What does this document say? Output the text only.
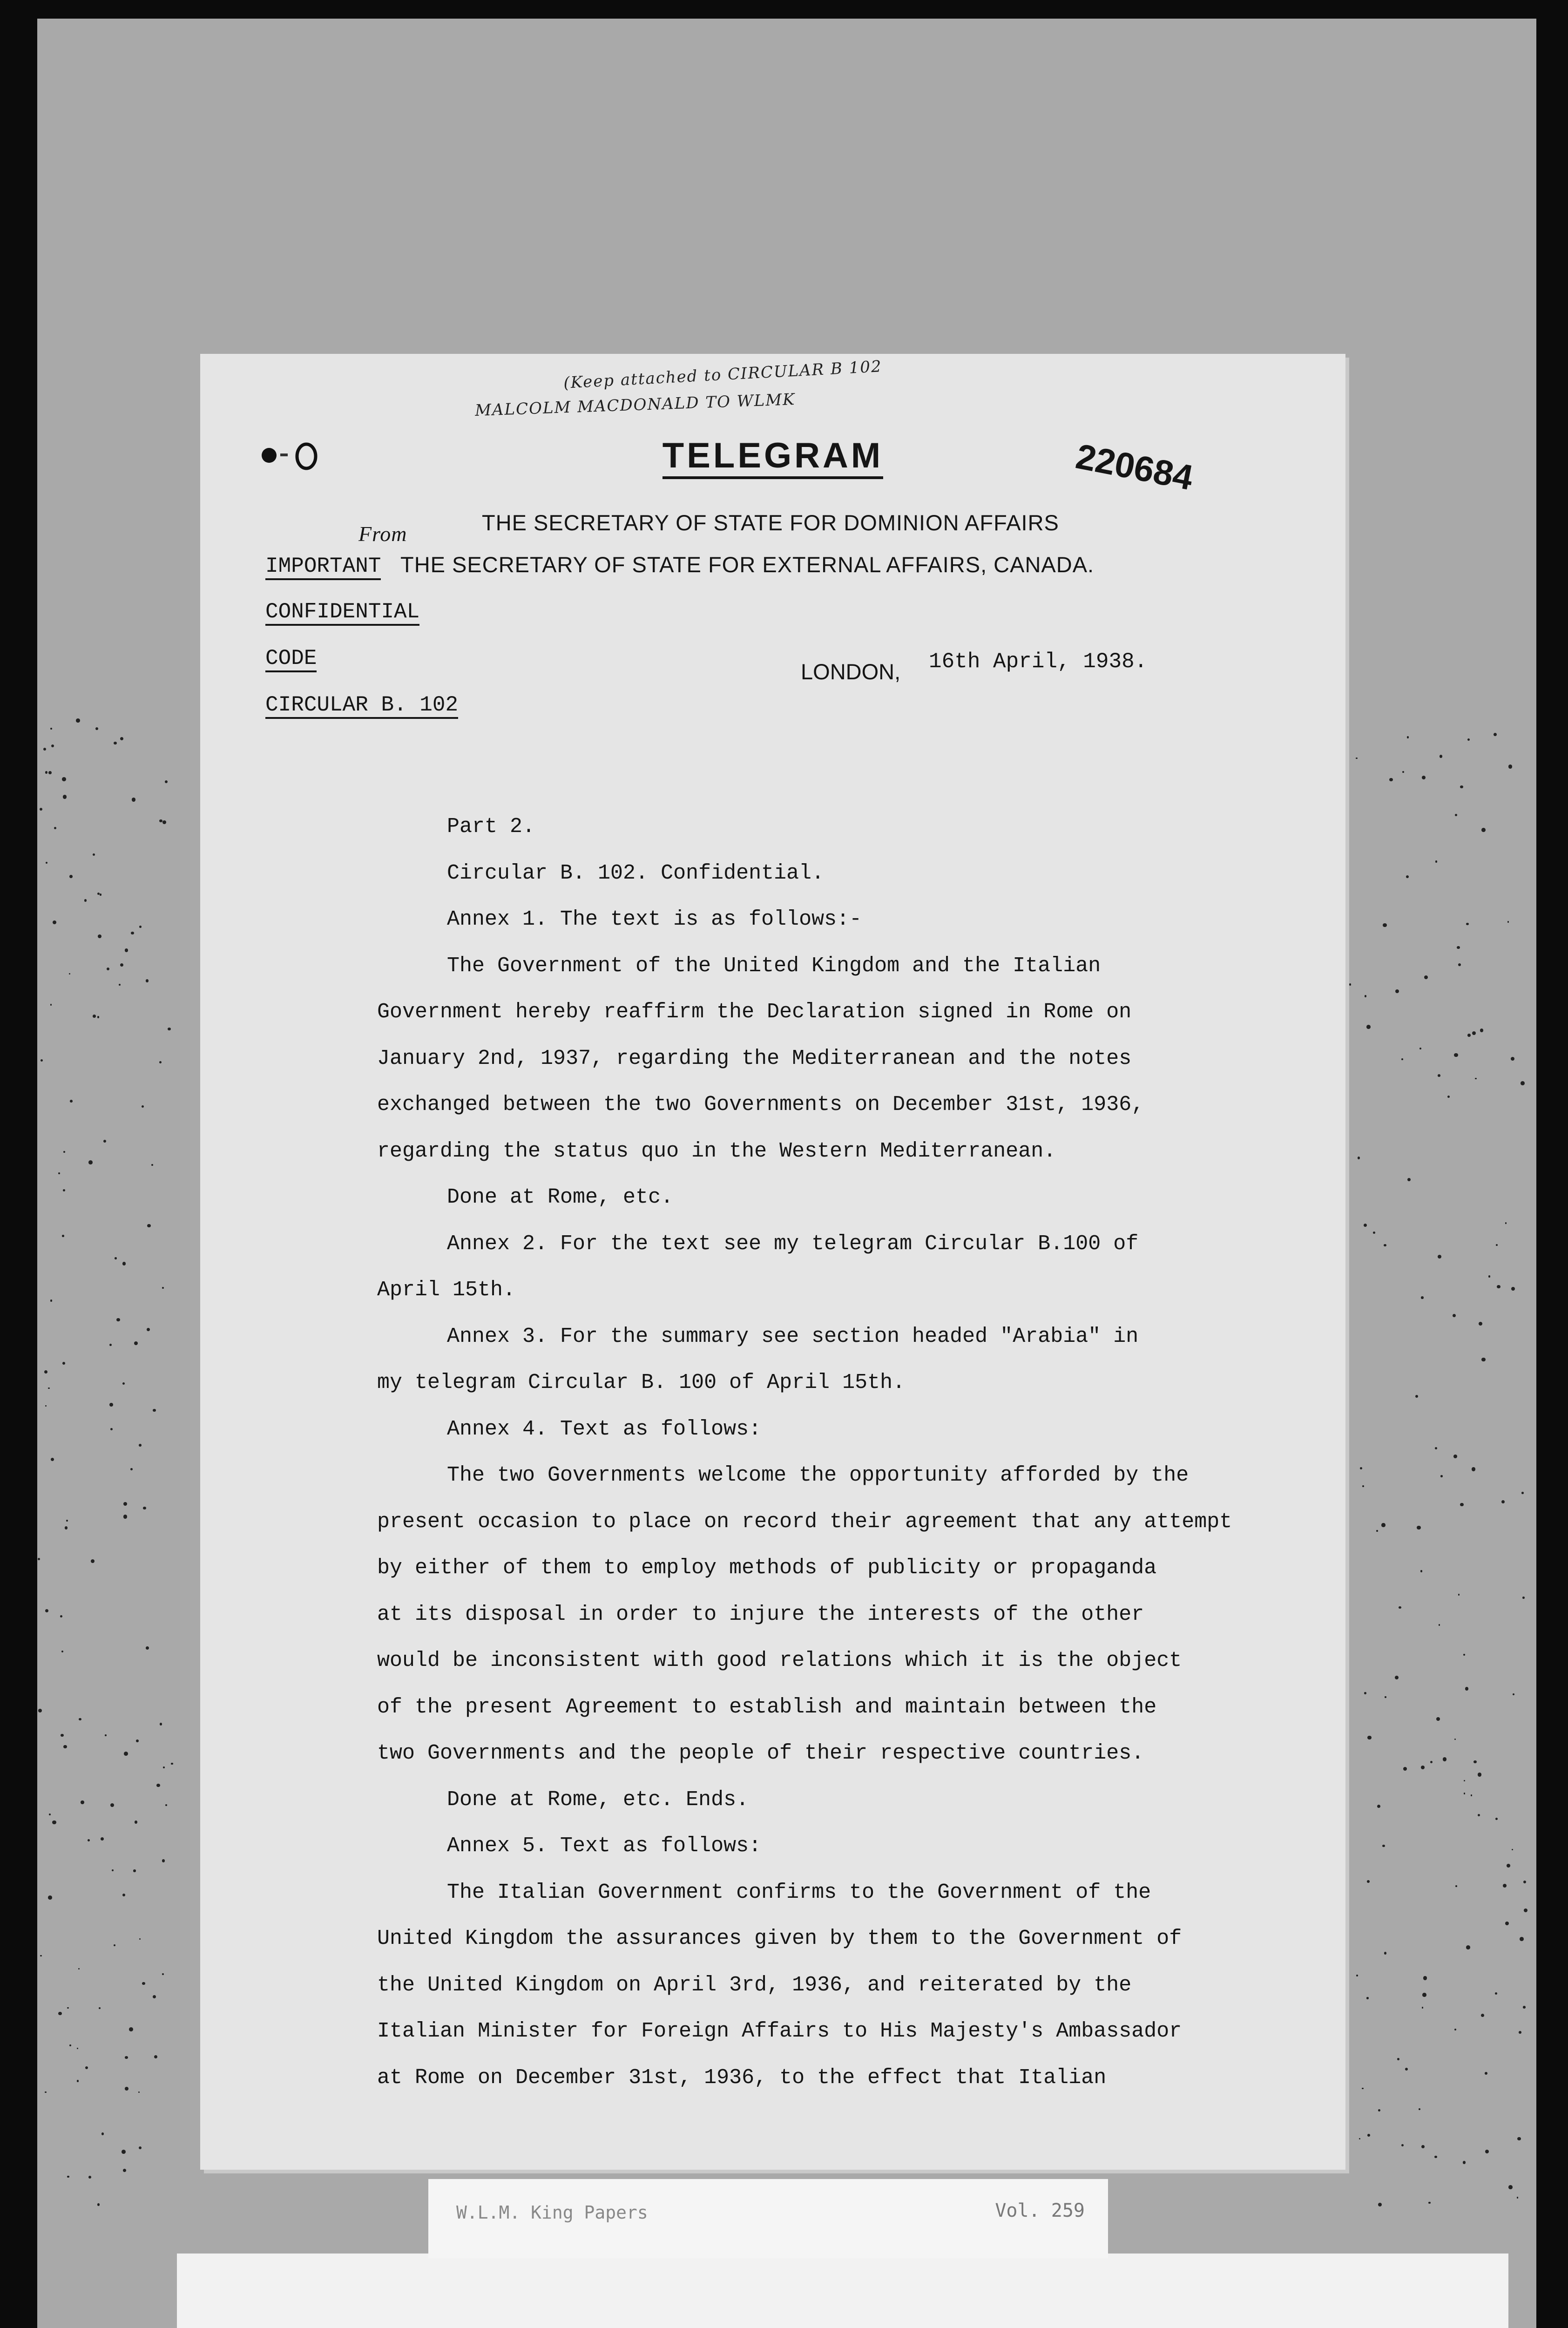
(Keep attached to CIRCULAR B 102
MALCOLM MACDONALD TO WLMK
TELEGRAM	220684
From	THE SECRETARY OF STATE FOR DOMINION AFFAIRS
THE SECRETARY OF STATE FOR EXTERNAL AFFAIRS, CANADA.
IMPORTANT
CONFIDENTIAL
CODE
CIRCULAR B. 102
LONDON, 16th April, 1938.
Part 2.
Circular B. 102. Confidential.
Annex 1. The text is as follows:-
The Government of the United Kingdom and the Italian
Government hereby reaffirm the Declaration signed in Rome on
January 2nd, 1937, regarding the Mediterranean and the notes
exchanged between the two Governments on December 31st, 1936,
regarding the status quo in the Western Mediterranean.
Done at Rome, etc.
Annex 2. For the text see my telegram Circular B.100 of
April 15th.
Annex 3. For the summary see section headed "Arabia" in
my telegram Circular B. 100 of April 15th.
Annex 4. Text as follows:
The two Governments welcome the opportunity afforded by the
present occasion to place on record their agreement that any attempt
by either of them to employ methods of publicity or propaganda
at its disposal in order to injure the interests of the other
would be inconsistent with good relations which it is the object
of the present Agreement to establish and maintain between the
two Governments and the people of their respective countries.
Done at Rome, etc. Ends.
Annex 5. Text as follows:
The Italian Government confirms to the Government of the
United Kingdom the assurances given by them to the Government of
the United Kingdom on April 3rd, 1936, and reiterated by the
Italian Minister for Foreign Affairs to His Majesty's Ambassador
at Rome on December 31st, 1936, to the effect that Italian
W.L.M. King Papers	Vol. 259
